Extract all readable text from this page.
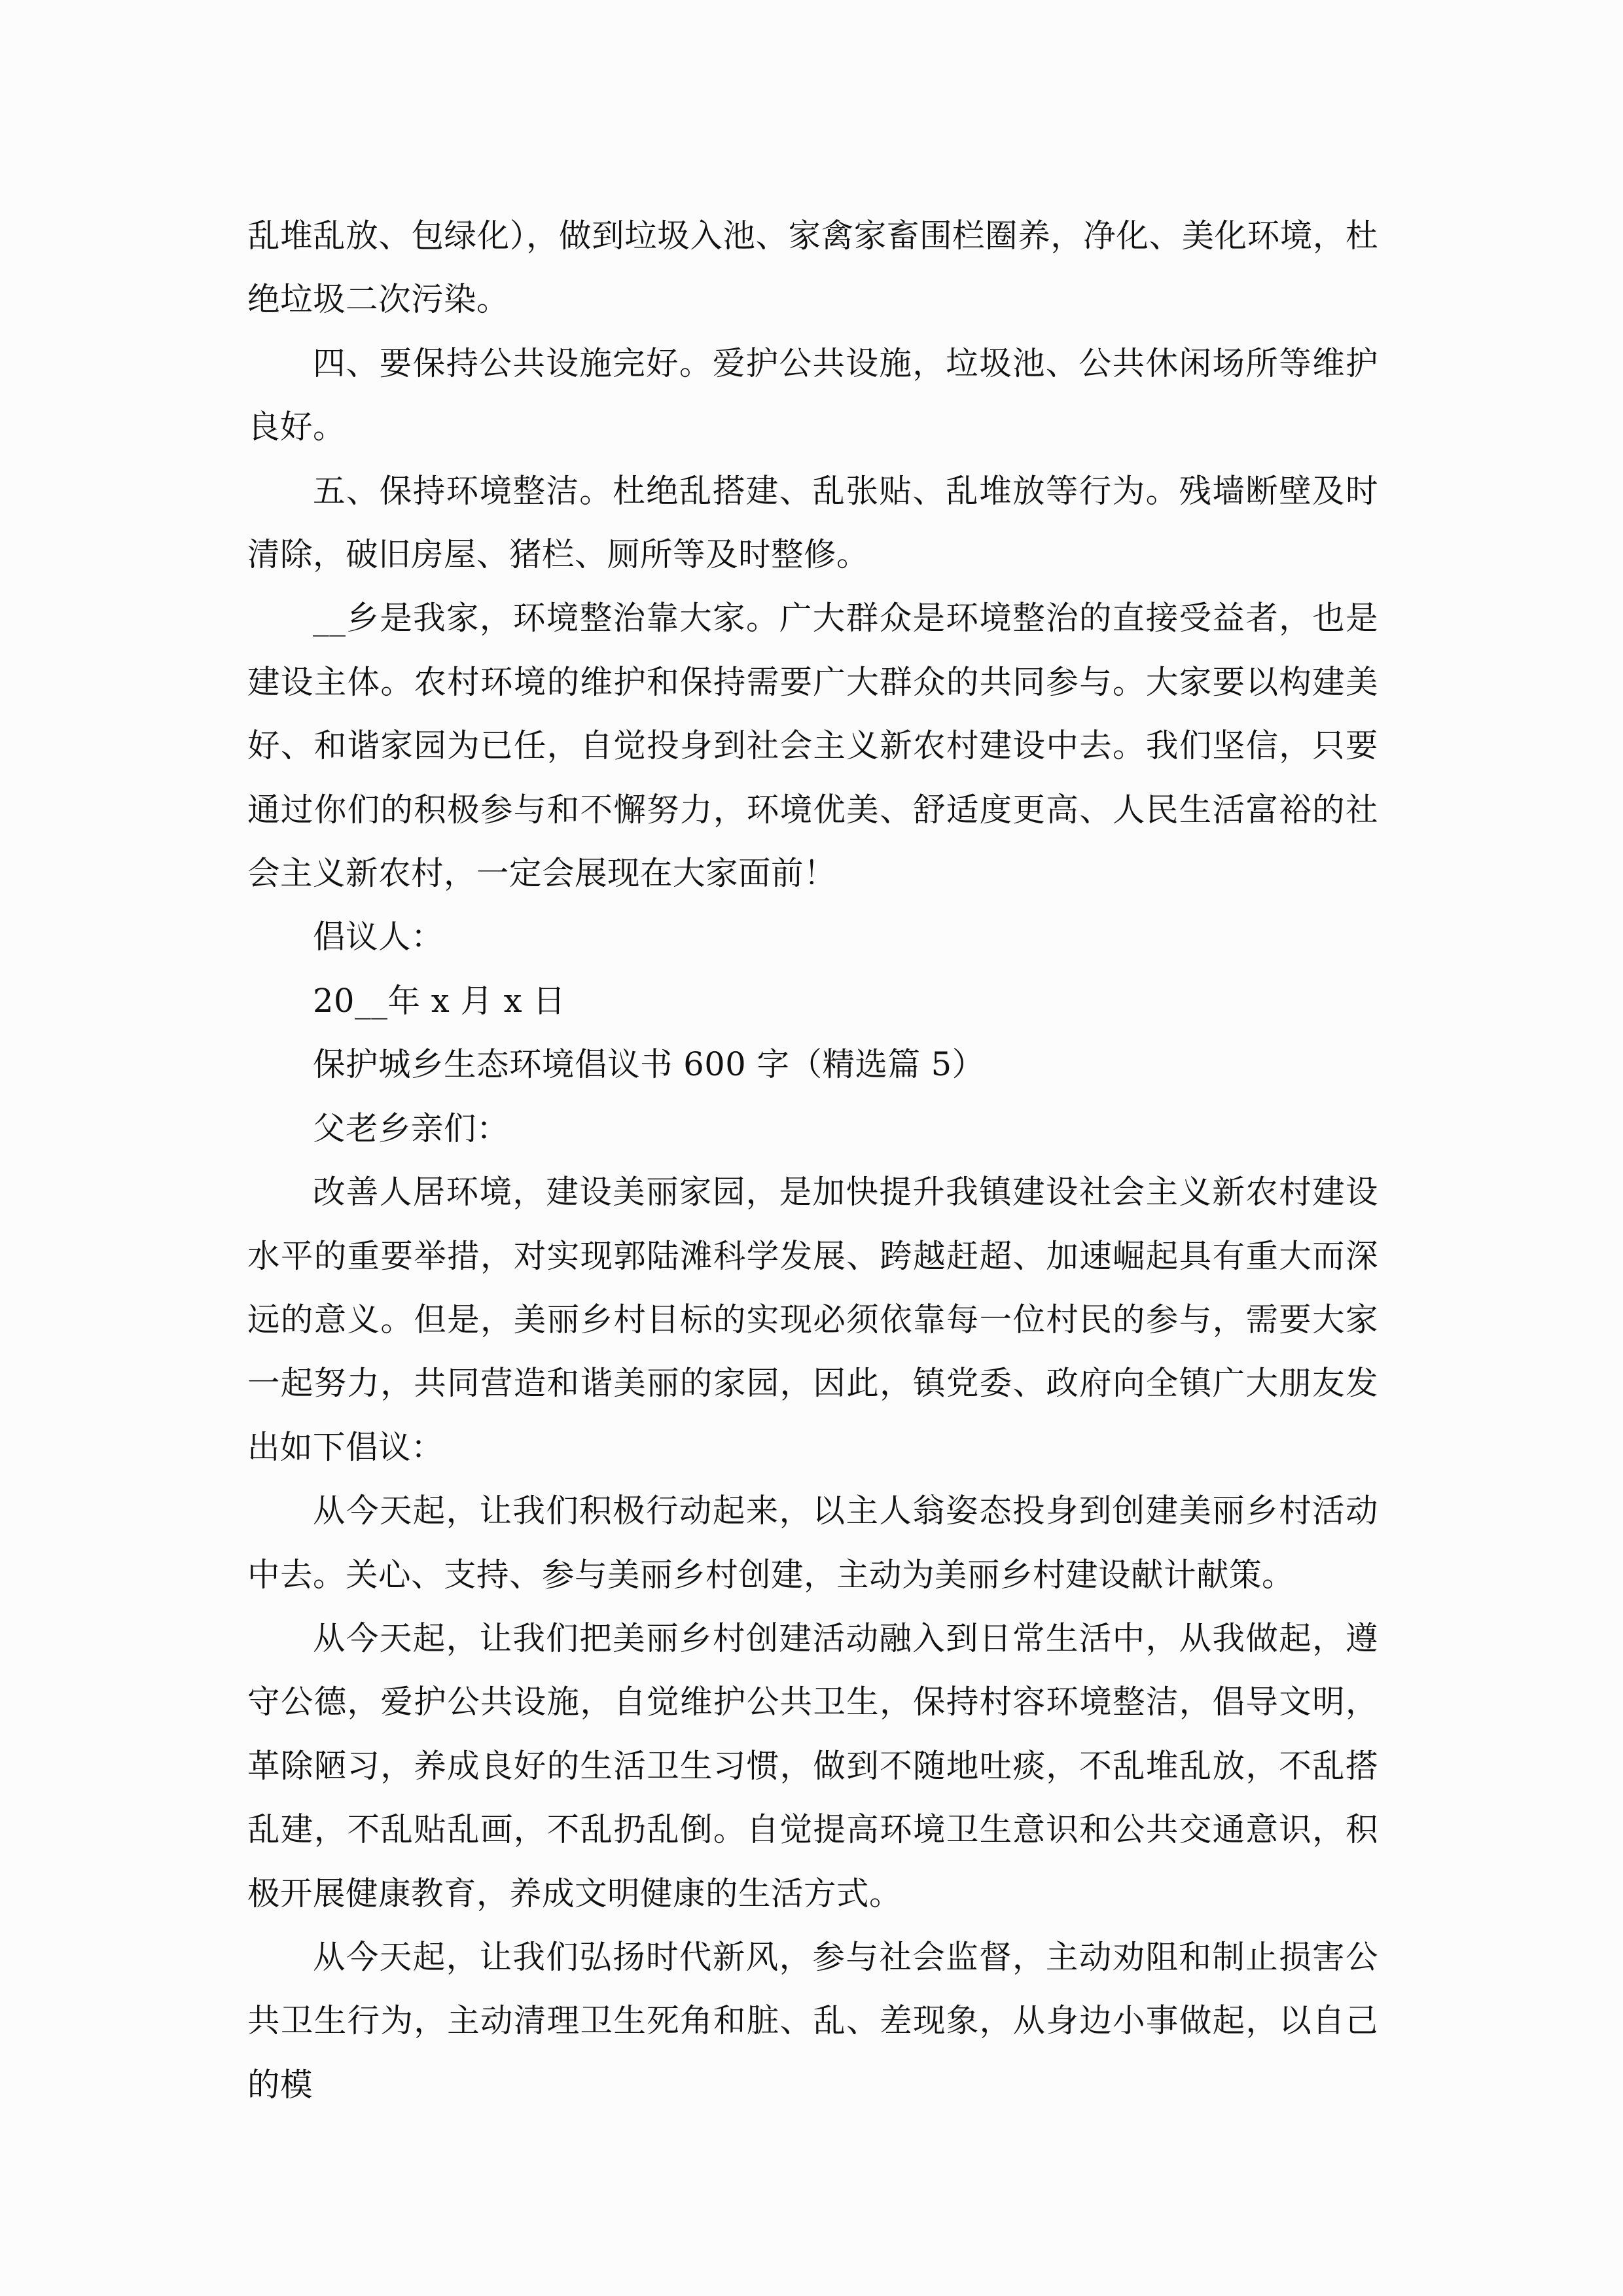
乱堆乱放、包绿化），做到垃圾入池、家禽家畜围栏圈养，净化、美化环境，杜绝垃圾二次污染。

四、要保持公共设施完好。爱护公共设施，垃圾池、公共休闲场所等维护良好。

五、保持环境整洁。杜绝乱搭建、乱张贴、乱堆放等行为。残墙断壁及时清除，破旧房屋、猪栏、厕所等及时整修。

__乡是我家，环境整治靠大家。广大群众是环境整治的直接受益者，也是建设主体。农村环境的维护和保持需要广大群众的共同参与。大家要以构建美好、和谐家园为已任，自觉投身到社会主义新农村建设中去。我们坚信，只要通过你们的积极参与和不懈努力，环境优美、舒适度更高、人民生活富裕的社会主义新农村，一定会展现在大家面前！

倡议人：

20__年 x 月 x 日

保护城乡生态环境倡议书 600 字（精选篇 5）

父老乡亲们：

改善人居环境，建设美丽家园，是加快提升我镇建设社会主义新农村建设水平的重要举措，对实现郭陆滩科学发展、跨越赶超、加速崛起具有重大而深远的意义。但是，美丽乡村目标的实现必须依靠每一位村民的参与，需要大家一起努力，共同营造和谐美丽的家园，因此，镇党委、政府向全镇广大朋友发出如下倡议：

从今天起，让我们积极行动起来，以主人翁姿态投身到创建美丽乡村活动中去。关心、支持、参与美丽乡村创建，主动为美丽乡村建设献计献策。

从今天起，让我们把美丽乡村创建活动融入到日常生活中，从我做起，遵守公德，爱护公共设施，自觉维护公共卫生，保持村容环境整洁，倡导文明，革除陋习，养成良好的生活卫生习惯，做到不随地吐痰，不乱堆乱放，不乱搭乱建，不乱贴乱画，不乱扔乱倒。自觉提高环境卫生意识和公共交通意识，积极开展健康教育，养成文明健康的生活方式。

从今天起，让我们弘扬时代新风，参与社会监督，主动劝阻和制止损害公共卫生行为，主动清理卫生死角和脏、乱、差现象，从身边小事做起，以自己的模
